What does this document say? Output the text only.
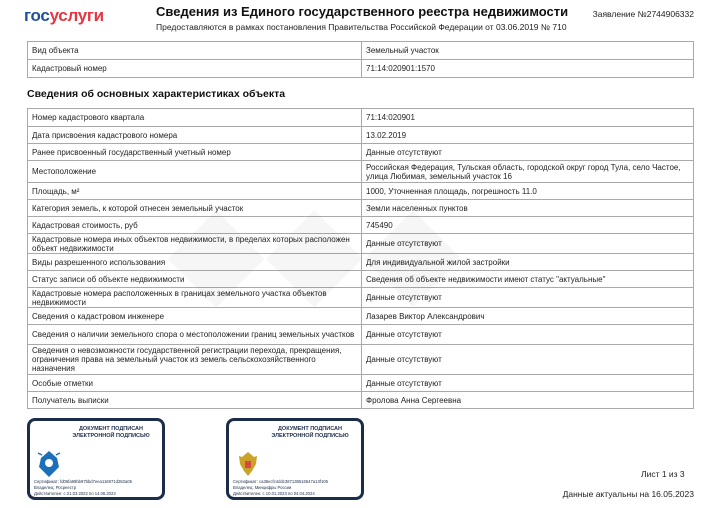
госуслуги	Сведения из Единого государственного реестра недвижимости
Предоставляются в рамках постановления Правительства Российской Федерации от 03.06.2019 № 710
Заявление №2744906332
Вид объекта	Земельный участок
Кадастровый номер	71:14:020901:1570
Сведения об основных характеристиках объекта
Номер кадастрового квартала	71:14:020901
Дата присвоения кадастрового номера	13.02.2019
Ранее присвоенный государственный учетный номер	Данные отсутствуют
Местоположение	Российская Федерация, Тульская область, городской округ город Тула, село Частое, улица Любимая, земельный участок 16
Площадь, м²	1000, Уточненная площадь, погрешность 11.0
Категория земель, к которой отнесен земельный участок	Земли населенных пунктов
Кадастровая стоимость, руб	745490
Кадастровые номера иных объектов недвижимости, в пределах которых расположен объект недвижимости	Данные отсутствуют
Виды разрешенного использования	Для индивидуальной жилой застройки
Статус записи об объекте недвижимости	Сведения об объекте недвижимости имеют статус "актуальные"
Кадастровые номера расположенных в границах земельного участка объектов недвижимости	Данные отсутствуют
Сведения о кадастровом инженере	Лазарев Виктор Александрович
Сведения о наличии земельного спора о местоположении границ земельных участков	Данные отсутствуют
Сведения о невозможности государственной регистрации перехода, прекращения, ограничения права на земельный участок из земель сельскохозяйственного назначения	Данные отсутствуют
Особые отметки	Данные отсутствуют
Получатель выписки	Фролова Анна Сергеевна
ДОКУМЕНТ ПОДПИСАН ЭЛЕКТРОННОЙ ПОДПИСЬЮ
Сертификат: fd06fa99bb97bbd7eea116971d282a05
Владелец: Росреестр
Действителен: с 21.03.2022 по 14.06.2023
ДОКУМЕНТ ПОДПИСАН ЭЛЕКТРОННОЙ ПОДПИСЬЮ
Сертификат: ca36ecfc4ddc367138516547a13f106
Владелец: Минцифры России
Действителен: с 10.01.2023 по 04.04.2024
Лист 1 из 3
Данные актуальны на 16.05.2023
